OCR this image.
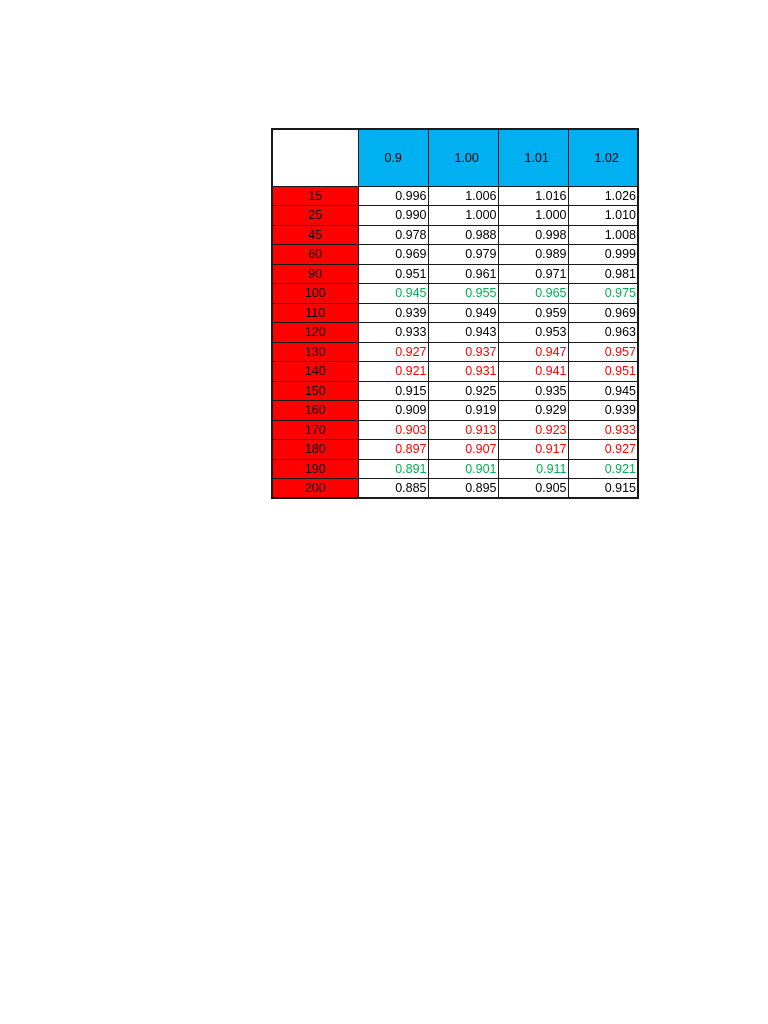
	0.9	1.00	1.01	1.02
15	0.996	1.006	1.016	1.026
25	0.990	1.000	1.000	1.010
45	0.978	0.988	0.998	1.008
60	0.969	0.979	0.989	0.999
90	0.951	0.961	0.971	0.981
100	0.945	0.955	0.965	0.975
110	0.939	0.949	0.959	0.969
120	0.933	0.943	0.953	0.963
130	0.927	0.937	0.947	0.957
140	0.921	0.931	0.941	0.951
150	0.915	0.925	0.935	0.945
160	0.909	0.919	0.929	0.939
170	0.903	0.913	0.923	0.933
180	0.897	0.907	0.917	0.927
190	0.891	0.901	0.911	0.921
200	0.885	0.895	0.905	0.915
